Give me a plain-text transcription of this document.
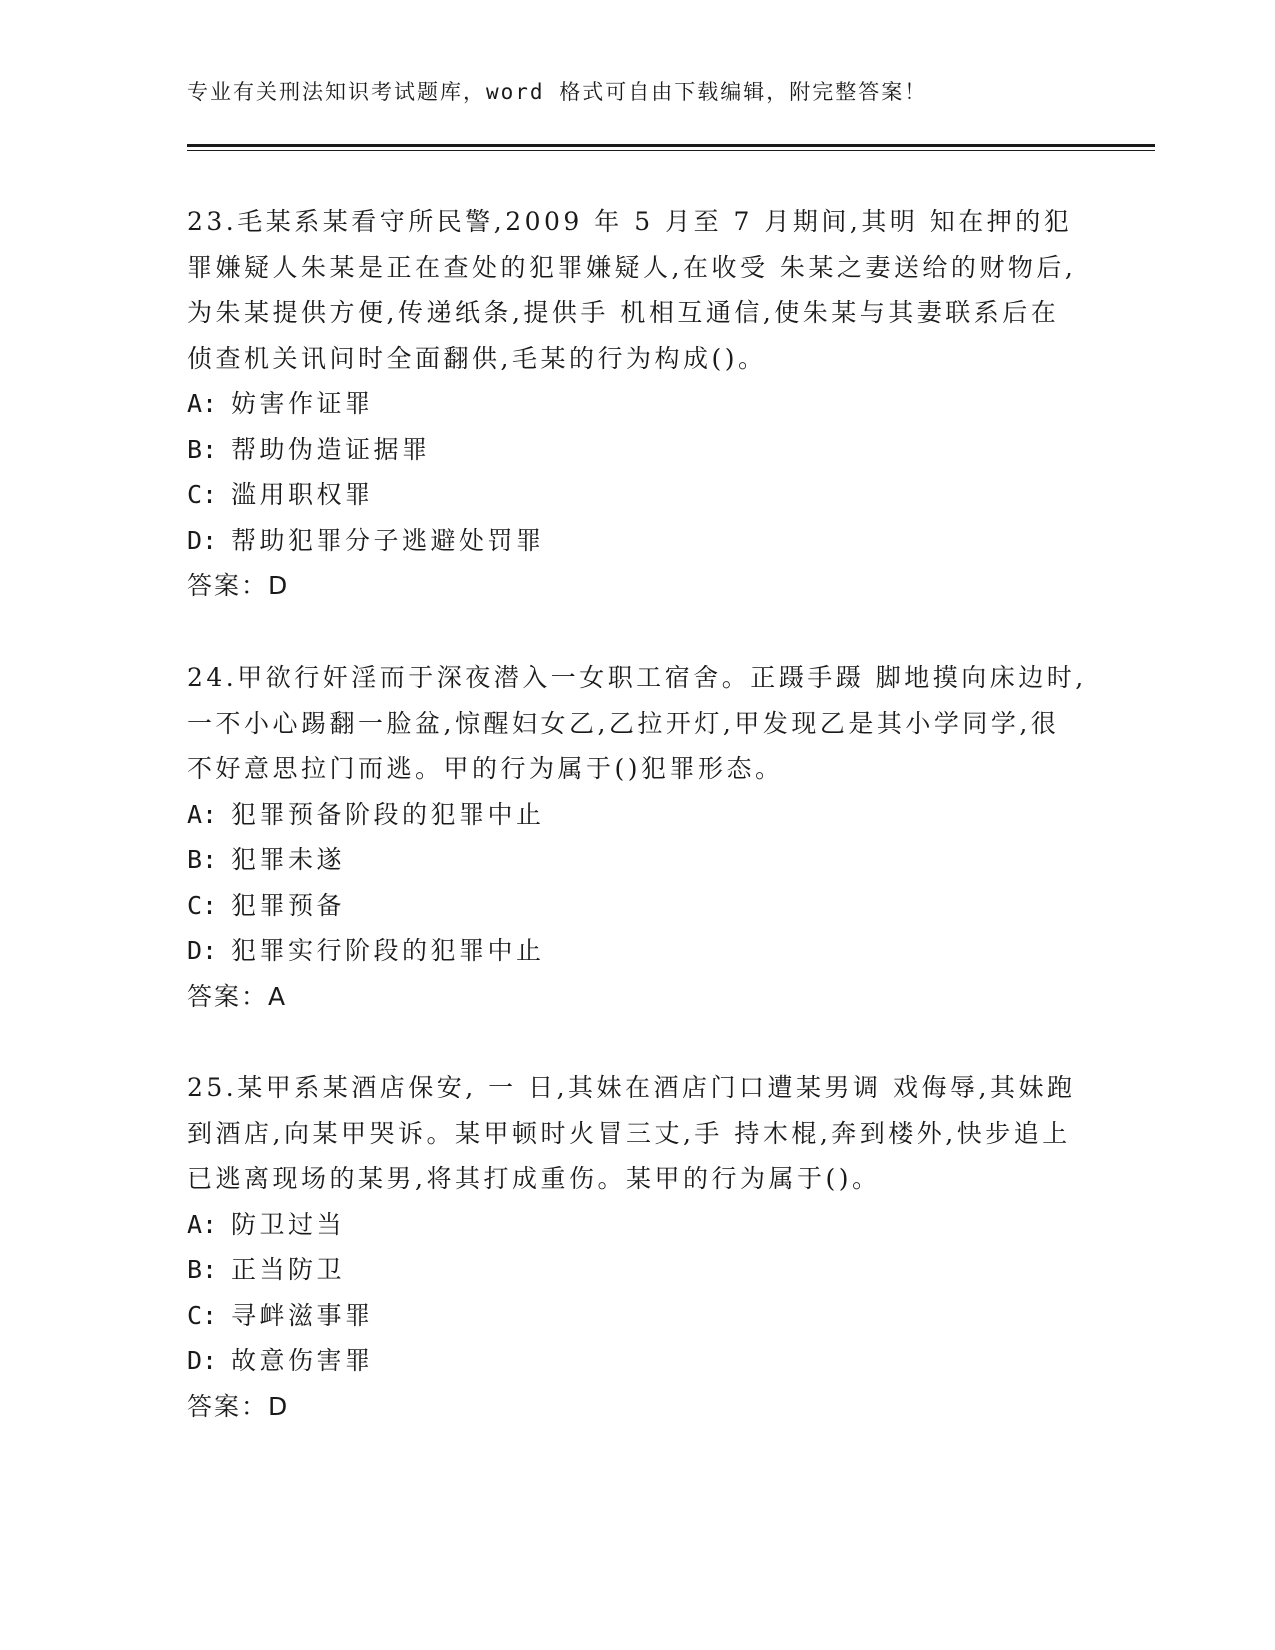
专业有关刑法知识考试题库，word 格式可自由下载编辑，附完整答案！

23.毛某系某看守所民警,2009 年 5 月至 7 月期间,其明 知在押的犯罪嫌疑人朱某是正在查处的犯罪嫌疑人,在收受 朱某之妻送给的财物后,为朱某提供方便,传递纸条,提供手 机相互通信,使朱某与其妻联系后在侦查机关讯问时全面翻供,毛某的行为构成()。

A: 妨害作证罪
B: 帮助伪造证据罪
C: 滥用职权罪
D: 帮助犯罪分子逃避处罚罪
答案：D

24.甲欲行奸淫而于深夜潜入一女职工宿舍。正蹑手蹑 脚地摸向床边时, 一不小心踢翻一脸盆,惊醒妇女乙,乙拉开灯,甲发现乙是其小学同学,很不好意思拉门而逃。甲的行为属于()犯罪形态。

A: 犯罪预备阶段的犯罪中止
B: 犯罪未遂
C: 犯罪预备
D: 犯罪实行阶段的犯罪中止
答案：A

25.某甲系某酒店保安, 一 日,其妹在酒店门口遭某男调 戏侮辱,其妹跑到酒店,向某甲哭诉。某甲顿时火冒三丈,手 持木棍,奔到楼外,快步追上已逃离现场的某男,将其打成重伤。某甲的行为属于()。

A: 防卫过当
B: 正当防卫
C: 寻衅滋事罪
D: 故意伤害罪
答案：D
